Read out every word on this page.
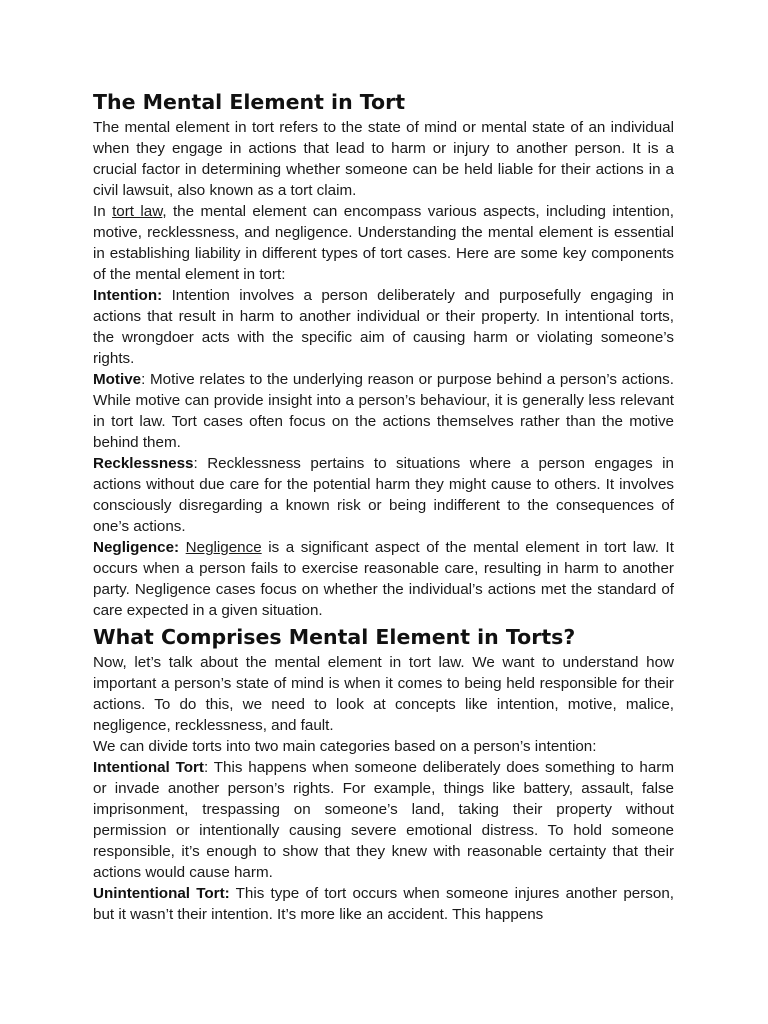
The Mental Element in Tort

The mental element in tort refers to the state of mind or mental state of an individual when they engage in actions that lead to harm or injury to another person. It is a crucial factor in determining whether someone can be held liable for their actions in a civil lawsuit, also known as a tort claim.

In tort law, the mental element can encompass various aspects, including intention, motive, recklessness, and negligence. Understanding the mental element is essential in establishing liability in different types of tort cases. Here are some key components of the mental element in tort:

Intention: Intention involves a person deliberately and purposefully engaging in actions that result in harm to another individual or their property. In intentional torts, the wrongdoer acts with the specific aim of causing harm or violating someone’s rights.

Motive: Motive relates to the underlying reason or purpose behind a person’s actions. While motive can provide insight into a person’s behaviour, it is generally less relevant in tort law. Tort cases often focus on the actions themselves rather than the motive behind them.

Recklessness: Recklessness pertains to situations where a person engages in actions without due care for the potential harm they might cause to others. It involves consciously disregarding a known risk or being indifferent to the consequences of one’s actions.

Negligence: Negligence is a significant aspect of the mental element in tort law. It occurs when a person fails to exercise reasonable care, resulting in harm to another party. Negligence cases focus on whether the individual’s actions met the standard of care expected in a given situation.

What Comprises Mental Element in Torts?

Now, let’s talk about the mental element in tort law. We want to understand how important a person’s state of mind is when it comes to being held responsible for their actions. To do this, we need to look at concepts like intention, motive, malice, negligence, recklessness, and fault.

We can divide torts into two main categories based on a person’s intention:

Intentional Tort: This happens when someone deliberately does something to harm or invade another person’s rights. For example, things like battery, assault, false imprisonment, trespassing on someone’s land, taking their property without permission or intentionally causing severe emotional distress. To hold someone responsible, it’s enough to show that they knew with reasonable certainty that their actions would cause harm.

Unintentional Tort: This type of tort occurs when someone injures another person, but it wasn’t their intention. It’s more like an accident. This happens
